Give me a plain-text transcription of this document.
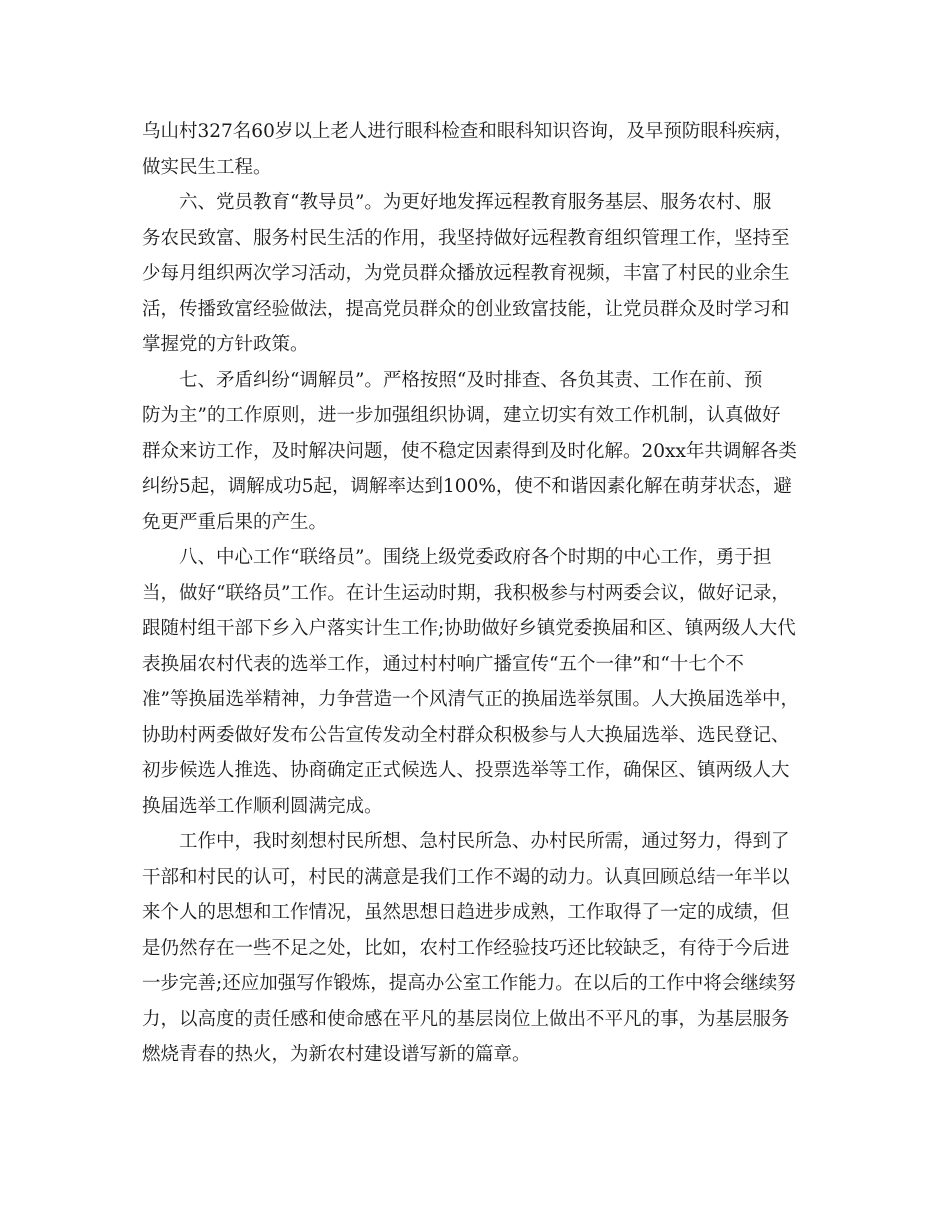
乌山村327名60岁以上老人进行眼科检查和眼科知识咨询，及早预防眼科疾病，
做实民生工程。

　　六、党员教育“教导员”。为更好地发挥远程教育服务基层、服务农村、服
务农民致富、服务村民生活的作用，我坚持做好远程教育组织管理工作，坚持至
少每月组织两次学习活动，为党员群众播放远程教育视频，丰富了村民的业余生
活，传播致富经验做法，提高党员群众的创业致富技能，让党员群众及时学习和
掌握党的方针政策。

　　七、矛盾纠纷“调解员”。严格按照“及时排查、各负其责、工作在前、预
防为主”的工作原则，进一步加强组织协调，建立切实有效工作机制，认真做好
群众来访工作，及时解决问题，使不稳定因素得到及时化解。20xx年共调解各类
纠纷5起，调解成功5起，调解率达到100%，使不和谐因素化解在萌芽状态，避
免更严重后果的产生。

　　八、中心工作“联络员”。围绕上级党委政府各个时期的中心工作，勇于担
当，做好“联络员”工作。在计生运动时期，我积极参与村两委会议，做好记录，
跟随村组干部下乡入户落实计生工作;协助做好乡镇党委换届和区、镇两级人大代
表换届农村代表的选举工作，通过村村响广播宣传“五个一律”和“十七个不
准”等换届选举精神，力争营造一个风清气正的换届选举氛围。人大换届选举中，
协助村两委做好发布公告宣传发动全村群众积极参与人大换届选举、选民登记、
初步候选人推选、协商确定正式候选人、投票选举等工作，确保区、镇两级人大
换届选举工作顺利圆满完成。

　　工作中，我时刻想村民所想、急村民所急、办村民所需，通过努力，得到了
干部和村民的认可，村民的满意是我们工作不竭的动力。认真回顾总结一年半以
来个人的思想和工作情况，虽然思想日趋进步成熟，工作取得了一定的成绩，但
是仍然存在一些不足之处，比如，农村工作经验技巧还比较缺乏，有待于今后进
一步完善;还应加强写作锻炼，提高办公室工作能力。在以后的工作中将会继续努
力，以高度的责任感和使命感在平凡的基层岗位上做出不平凡的事，为基层服务
燃烧青春的热火，为新农村建设谱写新的篇章。
